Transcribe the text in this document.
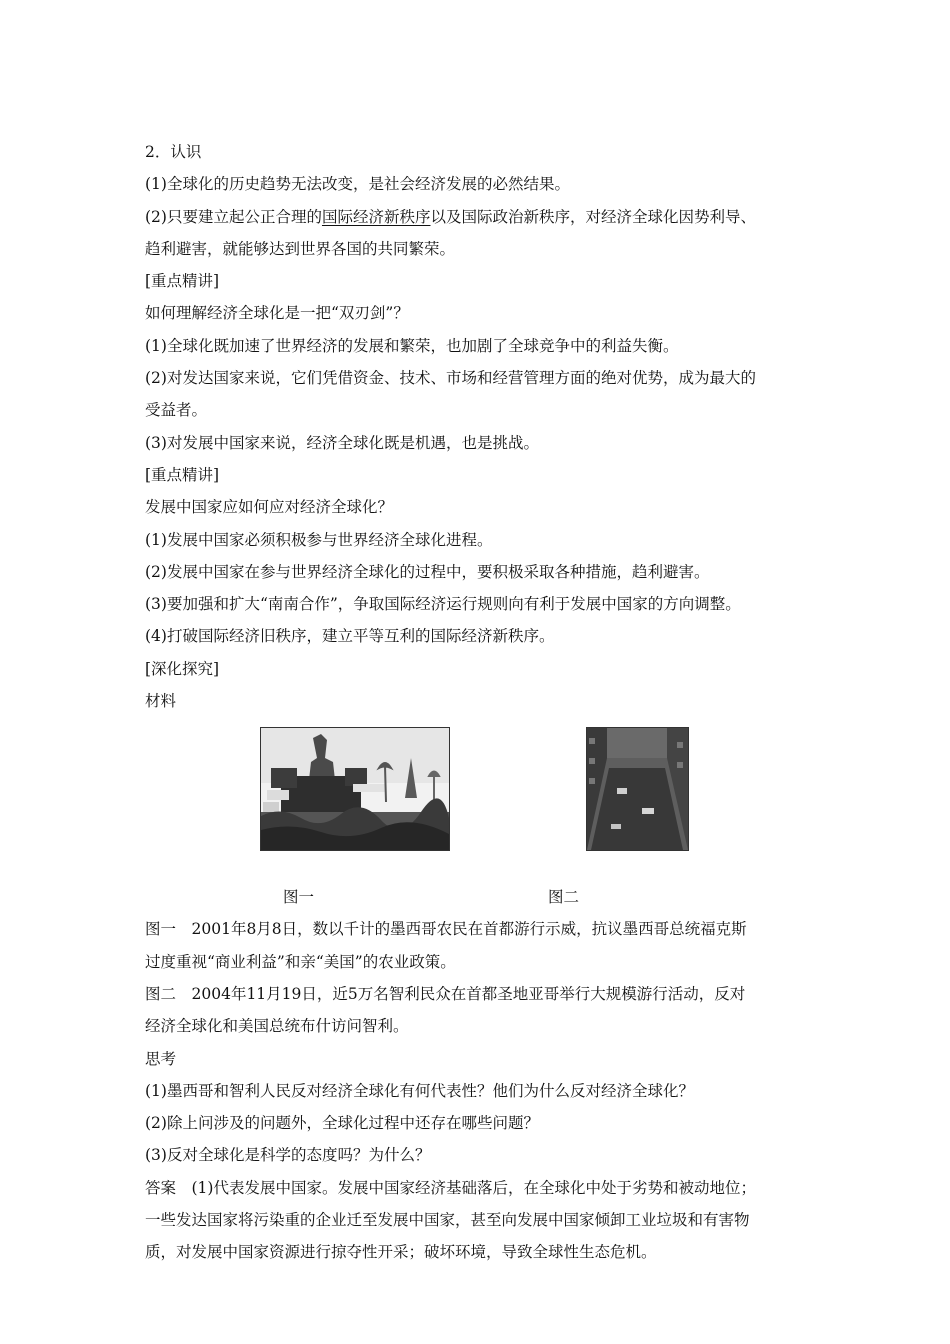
2．认识

(1)全球化的历史趋势无法改变，是社会经济发展的必然结果。

(2)只要建立起公正合理的国际经济新秩序以及国际政治新秩序，对经济全球化因势利导、

趋利避害，就能够达到世界各国的共同繁荣。

[重点精讲]

如何理解经济全球化是一把“双刃剑”？

(1)全球化既加速了世界经济的发展和繁荣，也加剧了全球竞争中的利益失衡。

(2)对发达国家来说，它们凭借资金、技术、市场和经营管理方面的绝对优势，成为最大的

受益者。

(3)对发展中国家来说，经济全球化既是机遇，也是挑战。

[重点精讲]

发展中国家应如何应对经济全球化？

(1)发展中国家必须积极参与世界经济全球化进程。

(2)发展中国家在参与世界经济全球化的过程中，要积极采取各种措施，趋利避害。

(3)要加强和扩大“南南合作”，争取国际经济运行规则向有利于发展中国家的方向调整。

(4)打破国际经济旧秩序，建立平等互利的国际经济新秩序。

[深化探究]

材料

图一	图二

图一　2001年8月8日，数以千计的墨西哥农民在首都游行示威，抗议墨西哥总统福克斯

过度重视“商业利益”和亲“美国”的农业政策。

图二　2004年11月19日，近5万名智利民众在首都圣地亚哥举行大规模游行活动，反对

经济全球化和美国总统布什访问智利。

思考

(1)墨西哥和智利人民反对经济全球化有何代表性？他们为什么反对经济全球化？

(2)除上问涉及的问题外，全球化过程中还存在哪些问题？

(3)反对全球化是科学的态度吗？为什么？

答案　(1)代表发展中国家。发展中国家经济基础落后，在全球化中处于劣势和被动地位；

一些发达国家将污染重的企业迁至发展中国家，甚至向发展中国家倾卸工业垃圾和有害物

质，对发展中国家资源进行掠夺性开采；破坏环境，导致全球性生态危机。
